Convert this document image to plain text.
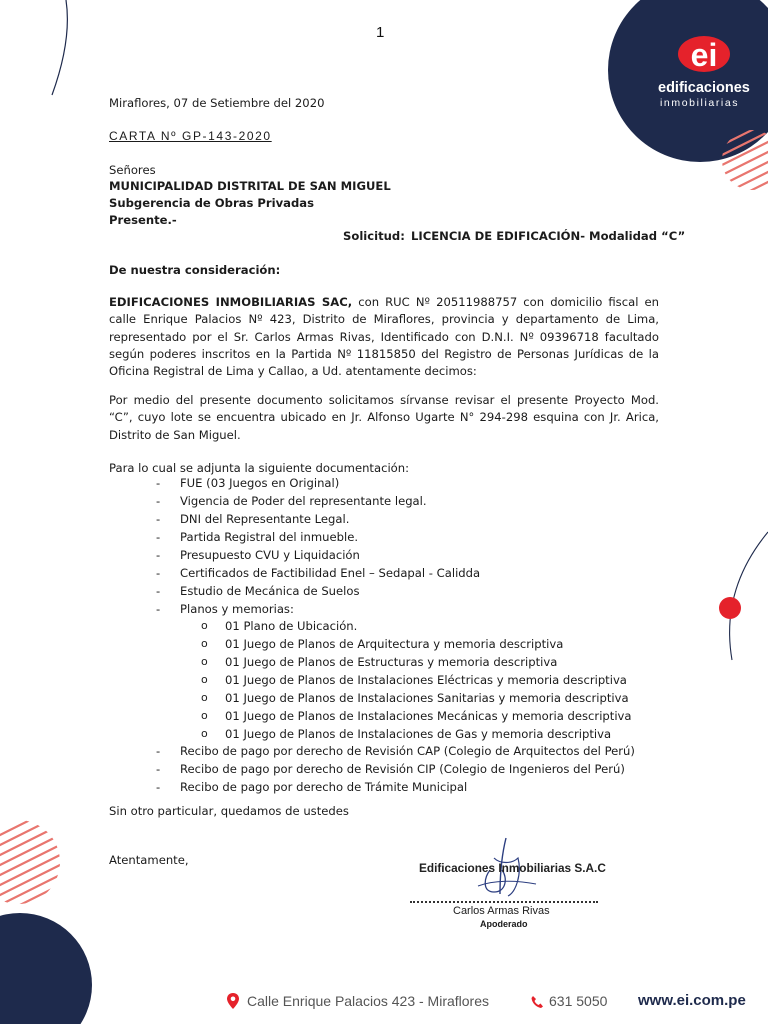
ei
edificaciones
inmobiliarias
1
Miraflores, 07 de Setiembre del 2020
CARTA Nº GP-143-2020
Señores
MUNICIPALIDAD DISTRITAL DE SAN MIGUEL
Subgerencia de Obras Privadas
Presente.-
Solicitud: LICENCIA DE EDIFICACIÓN- Modalidad “C”
De nuestra consideración:
EDIFICACIONES INMOBILIARIAS SAC, con RUC Nº 20511988757 con domicilio fiscal en calle Enrique Palacios Nº 423, Distrito de Miraflores, provincia y departamento de Lima, representado por el Sr. Carlos Armas Rivas, Identificado con D.N.I. Nº 09396718 facultado según poderes inscritos en la Partida Nº 11815850 del Registro de Personas Jurídicas de la Oficina Registral de Lima y Callao, a Ud. atentamente decimos:
Por medio del presente documento solicitamos sírvanse revisar el presente Proyecto Mod. “C”, cuyo lote se encuentra ubicado en Jr. Alfonso Ugarte N° 294-298 esquina con Jr. Arica, Distrito de San Miguel.
Para lo cual se adjunta la siguiente documentación:
- FUE (03 Juegos en Original)
- Vigencia de Poder del representante legal.
- DNI del Representante Legal.
- Partida Registral del inmueble.
- Presupuesto CVU y Liquidación
- Certificados de Factibilidad Enel – Sedapal - Calidda
- Estudio de Mecánica de Suelos
- Planos y memorias:
o 01 Plano de Ubicación.
o 01 Juego de Planos de Arquitectura y memoria descriptiva
o 01 Juego de Planos de Estructuras y memoria descriptiva
o 01 Juego de Planos de Instalaciones Eléctricas y memoria descriptiva
o 01 Juego de Planos de Instalaciones Sanitarias y memoria descriptiva
o 01 Juego de Planos de Instalaciones Mecánicas y memoria descriptiva
o 01 Juego de Planos de Instalaciones de Gas y memoria descriptiva
- Recibo de pago por derecho de Revisión CAP (Colegio de Arquitectos del Perú)
- Recibo de pago por derecho de Revisión CIP (Colegio de Ingenieros del Perú)
- Recibo de pago por derecho de Trámite Municipal
Sin otro particular, quedamos de ustedes
Atentamente,
Edificaciones Inmobiliarias S.A.C
Carlos Armas Rivas
Apoderado
Calle Enrique Palacios 423 - Miraflores	631 5050 www.ei.com.pe
